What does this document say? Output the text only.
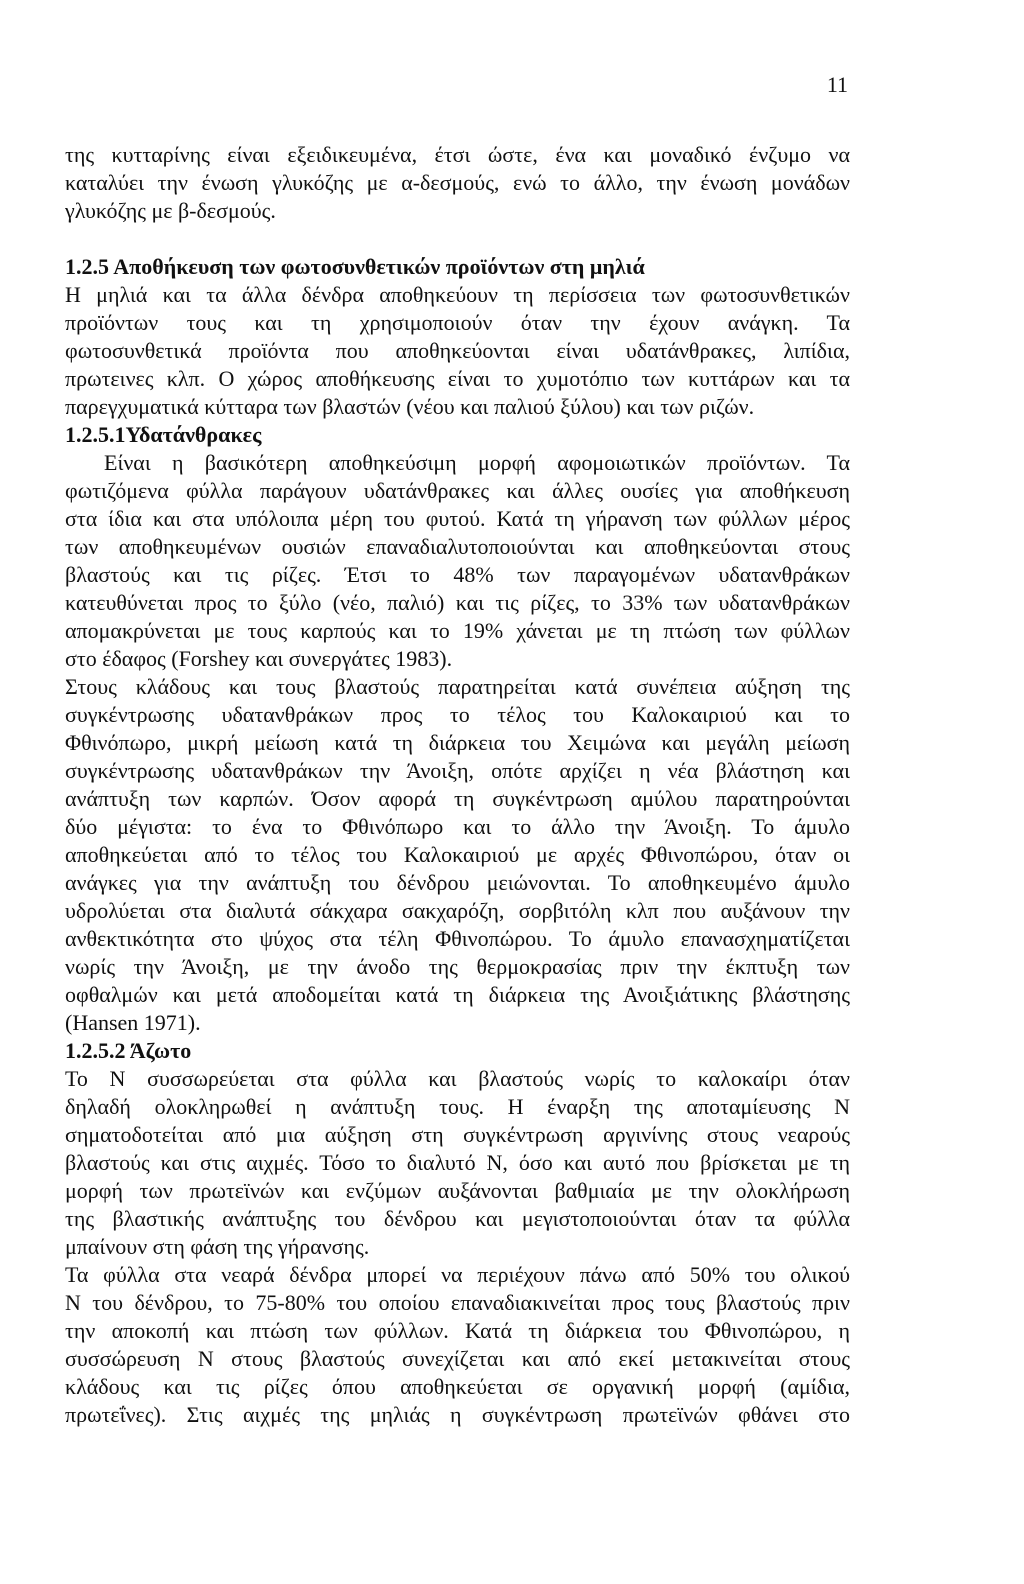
11
της κυτταρίνης είναι εξειδικευμένα, έτσι ώστε, ένα και μοναδικό ένζυμο να
καταλύει την ένωση γλυκόζης με α-δεσμούς, ενώ το άλλο, την ένωση μονάδων
γλυκόζης με β-δεσμούς.
1.2.5 Αποθήκευση των φωτοσυνθετικών προϊόντων στη μηλιά
Η μηλιά και τα άλλα δένδρα αποθηκεύουν τη περίσσεια των φωτοσυνθετικών
προϊόντων τους και τη χρησιμοποιούν όταν την έχουν ανάγκη. Τα
φωτοσυνθετικά προϊόντα που αποθηκεύονται είναι υδατάνθρακες, λιπίδια,
πρωτεινες κλπ. Ο χώρος αποθήκευσης είναι το χυμοτόπιο των κυττάρων και τα
παρεγχυματικά κύτταρα των βλαστών (νέου και παλιού ξύλου) και των ριζών.
1.2.5.1Υδατάνθρακες
Είναι η βασικότερη αποθηκεύσιμη μορφή αφομοιωτικών προϊόντων. Τα
φωτιζόμενα φύλλα παράγουν υδατάνθρακες και άλλες ουσίες για αποθήκευση
στα ίδια και στα υπόλοιπα μέρη του φυτού. Κατά τη γήρανση των φύλλων μέρος
των αποθηκευμένων ουσιών επαναδιαλυτοποιούνται και αποθηκεύονται στους
βλαστούς και τις ρίζες. Έτσι το 48% των παραγομένων υδατανθράκων
κατευθύνεται προς το ξύλο (νέο, παλιό) και τις ρίζες, το 33% των υδατανθράκων
απομακρύνεται με τους καρπούς και το 19% χάνεται με τη πτώση των φύλλων
στο έδαφος (Forshey και συνεργάτες 1983).
Στους κλάδους και τους βλαστούς παρατηρείται κατά συνέπεια αύξηση της
συγκέντρωσης υδατανθράκων προς το τέλος του Καλοκαιριού και το
Φθινόπωρο, μικρή μείωση κατά τη διάρκεια του Χειμώνα και μεγάλη μείωση
συγκέντρωσης υδατανθράκων την Άνοιξη, οπότε αρχίζει η νέα βλάστηση και
ανάπτυξη των καρπών. Όσον αφορά τη συγκέντρωση αμύλου παρατηρούνται
δύο μέγιστα: το ένα το Φθινόπωρο και το άλλο την Άνοιξη. Το άμυλο
αποθηκεύεται από το τέλος του Καλοκαιριού με αρχές Φθινοπώρου, όταν οι
ανάγκες για την ανάπτυξη του δένδρου μειώνονται. Το αποθηκευμένο άμυλο
υδρολύεται στα διαλυτά σάκχαρα σακχαρόζη, σορβιτόλη κλπ που αυξάνουν την
ανθεκτικότητα στο ψύχος στα τέλη Φθινοπώρου. Το άμυλο επανασχηματίζεται
νωρίς την Άνοιξη, με την άνοδο της θερμοκρασίας πριν την έκπτυξη των
οφθαλμών και μετά αποδομείται κατά τη διάρκεια της Ανοιξιάτικης βλάστησης
(Hansen 1971).
1.2.5.2 Άζωτο
Το N συσσωρεύεται στα φύλλα και βλαστούς νωρίς το καλοκαίρι όταν
δηλαδή ολοκληρωθεί η ανάπτυξη τους. Η έναρξη της αποταμίευσης N
σηματοδοτείται από μια αύξηση στη συγκέντρωση αργινίνης στους νεαρούς
βλαστούς και στις αιχμές. Τόσο το διαλυτό N, όσο και αυτό που βρίσκεται με τη
μορφή των πρωτεϊνών και ενζύμων αυξάνονται βαθμιαία με την ολοκλήρωση
της βλαστικής ανάπτυξης του δένδρου και μεγιστοποιούνται όταν τα φύλλα
μπαίνουν στη φάση της γήρανσης.
Τα φύλλα στα νεαρά δένδρα μπορεί να περιέχουν πάνω από 50% του ολικού
N του δένδρου, το 75-80% του οποίου επαναδιακινείται προς τους βλαστούς πριν
την αποκοπή και πτώση των φύλλων. Κατά τη διάρκεια του Φθινοπώρου, η
συσσώρευση N στους βλαστούς συνεχίζεται και από εκεί μετακινείται στους
κλάδους και τις ρίζες όπου αποθηκεύεται σε οργανική μορφή (αμίδια,
πρωτεΐνες). Στις αιχμές της μηλιάς η συγκέντρωση πρωτεϊνών φθάνει στο
